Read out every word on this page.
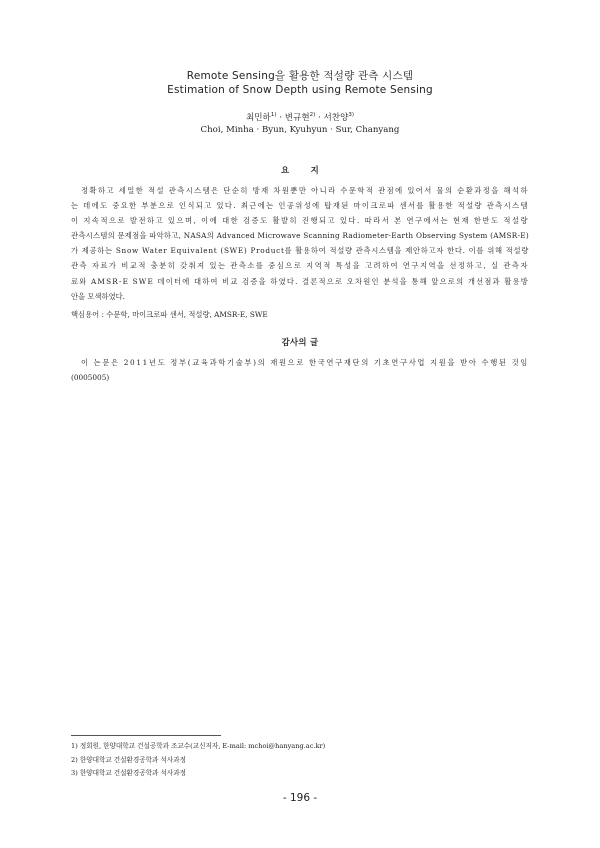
Remote Sensing을 활용한 적설량 관측 시스템
Estimation of Snow Depth using Remote Sensing
최민하$^{1)}$ · 변규현$^{2)}$ · 서찬양$^{3)}$
Choi, Minha · Byun, Kyuhyun · Sur, Chanyang
요 지
정확하고 세밀한 적설 관측시스템은 단순히 방재 차원뿐만 아니라 수문학적 관점에 있어서 물의 순환과정을 해석하
는 데에도 중요한 부분으로 인식되고 있다. 최근에는 인공위성에 탑재된 마이크로파 센서를 활용한 적설량 관측시스템
이 지속적으로 발전하고 있으며, 이에 대한 검증도 활발히 진행되고 있다. 따라서 본 연구에서는 현재 한반도 적설량
관측시스템의 문제점을 파악하고, NASA의 Advanced Microwave Scanning Radiometer-Earth Observing System (AMSR-E)
가 제공하는 Snow Water Equivalent (SWE) Product를 활용하여 적설량 관측시스템을 제안하고자 한다. 이를 위해 적설량
관측 자료가 비교적 충분히 갖춰져 있는 관측소를 중심으로 지역적 특성을 고려하여 연구지역을 선정하고, 실 관측자
료와 AMSR-E SWE 데이터에 대하여 비교 검증을 하였다. 결론적으로 오차원인 분석을 통해 앞으로의 개선점과 활용방
안을 모색하였다.
핵심용어 : 수문학, 마이크로파 센서, 적설량, AMSR-E, SWE
감사의 글
이 논문은 2011년도 정부(교육과학기술부)의 재원으로 한국연구재단의 기초연구사업 지원을 받아 수행된 것임
(0005005)
1) 정회원, 한양대학교 건설공학과 조교수(교신저자, E-mail: mchoi@hanyang.ac.kr)
2) 한양대학교 건설환경공학과 석사과정
3) 한양대학교 건설환경공학과 석사과정
- 196 -
